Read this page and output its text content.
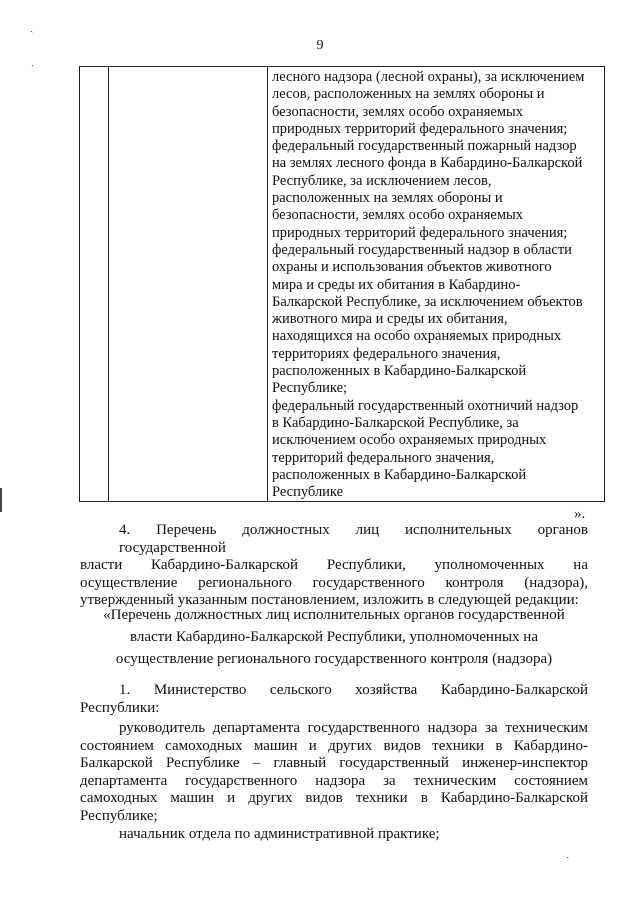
9
ˎ
ˎ
ˏ

лесного надзора (лесной охраны), за исключением
лесов, расположенных на землях обороны и
безопасности, землях особо охраняемых
природных территорий федерального значения;
федеральный государственный пожарный надзор
на землях лесного фонда в Кабардино-Балкарской
Республике, за исключением лесов,
расположенных на землях обороны и
безопасности, землях особо охраняемых
природных территорий федерального значения;
федеральный государственный надзор в области
охраны и использования объектов животного
мира и среды их обитания в Кабардино-
Балкарской Республике, за исключением объектов
животного мира и среды их обитания,
находящихся на особо охраняемых природных
территориях федерального значения,
расположенных в Кабардино-Балкарской
Республике;
федеральный государственный охотничий надзор
в Кабардино-Балкарской Республике, за
исключением особо охраняемых природных
территорий федерального значения,
расположенных в Кабардино-Балкарской
Республике
».
4. Перечень должностных лиц исполнительных органов государственной
власти Кабардино-Балкарской Республики, уполномоченных на
осуществление регионального государственного контроля (надзора),
утвержденный указанным постановлением, изложить в следующей редакции:
«Перечень должностных лиц исполнительных органов государственной
власти Кабардино-Балкарской Республики, уполномоченных на
осуществление регионального государственного контроля (надзора)
1. Министерство сельского хозяйства Кабардино-Балкарской
Республики:
руководитель департамента государственного надзора за техническим
состоянием самоходных машин и других видов техники в Кабардино-
Балкарской Республике – главный государственный инженер-инспектор
департамента государственного надзора за техническим состоянием
самоходных машин и других видов техники в Кабардино-Балкарской
Республике;
начальник отдела по административной практике;
